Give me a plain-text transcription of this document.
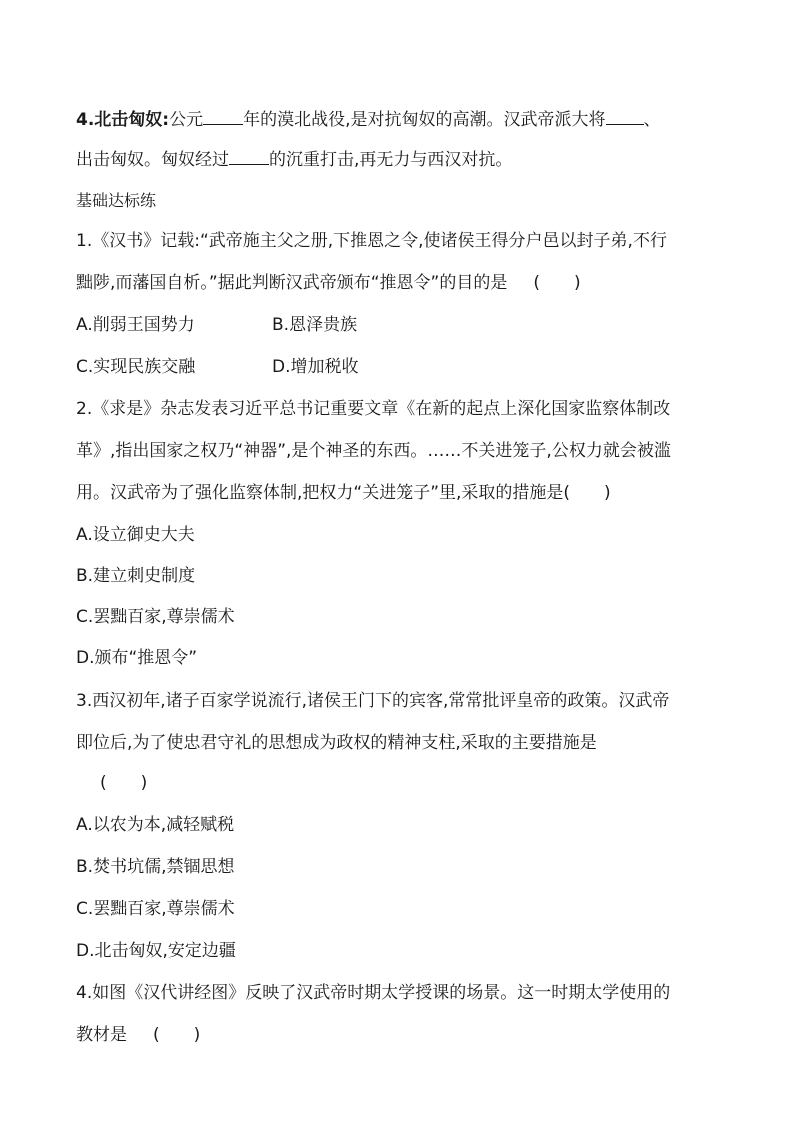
4.北击匈奴:公元 年的漠北战役,是对抗匈奴的高潮。汉武帝派大将 、
出击匈奴。匈奴经过 的沉重打击,再无力与西汉对抗。
基础达标练
1.《汉书》记载:“武帝施主父之册,下推恩之令,使诸侯王得分户邑以封子弟,不行
黜陟,而藩国自析。”据此判断汉武帝颁布“推恩令”的目的是 (　　)
A.削弱王国势力	B.恩泽贵族
C.实现民族交融	D.增加税收
2.《求是》杂志发表习近平总书记重要文章《在新的起点上深化国家监察体制改
革》,指出国家之权乃“神器”,是个神圣的东西。……不关进笼子,公权力就会被滥
用。汉武帝为了强化监察体制,把权力“关进笼子”里,采取的措施是(　　)
A.设立御史大夫
B.建立刺史制度
C.罢黜百家,尊崇儒术
D.颁布“推恩令”
3.西汉初年,诸子百家学说流行,诸侯王门下的宾客,常常批评皇帝的政策。汉武帝
即位后,为了使忠君守礼的思想成为政权的精神支柱,采取的主要措施是
(　　)
A.以农为本,减轻赋税
B.焚书坑儒,禁锢思想
C.罢黜百家,尊崇儒术
D.北击匈奴,安定边疆
4.如图《汉代讲经图》反映了汉武帝时期太学授课的场景。这一时期太学使用的
教材是 (　　)
